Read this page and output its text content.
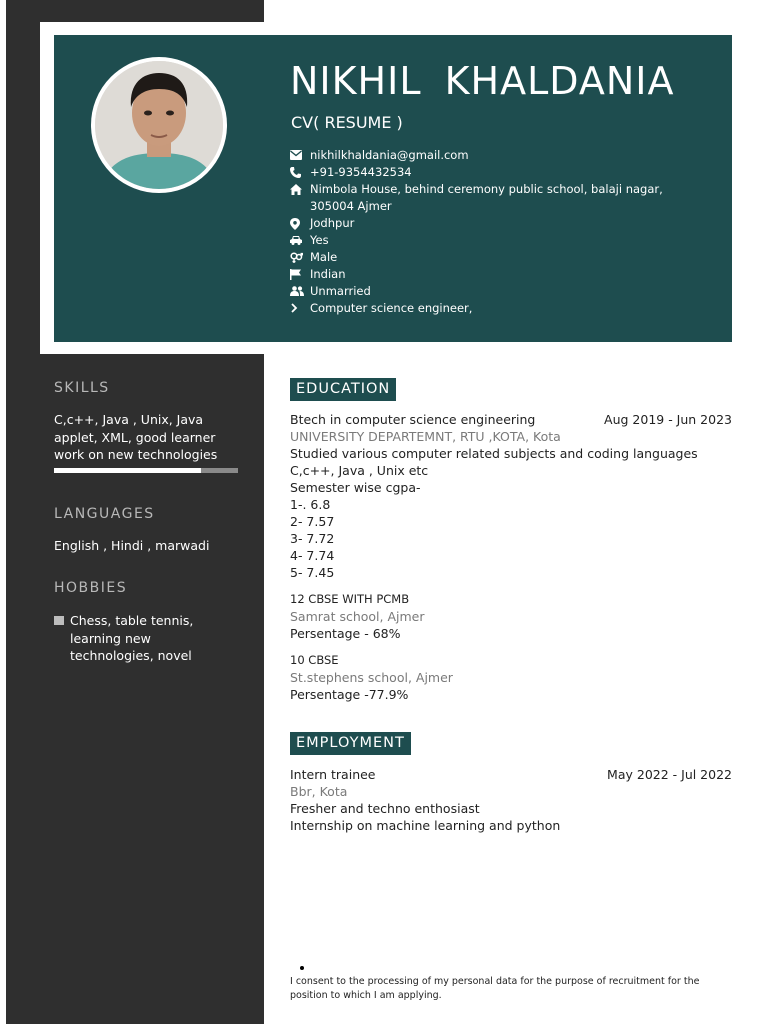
NIKHIL KHALDANIA
CV( RESUME )
nikhilkhaldania@gmail.com
+91-9354432534
Nimbola House, behind ceremony public school, balaji nagar,
305004 Ajmer
Jodhpur
Yes
Male
Indian
Unmarried
Computer science engineer,
SKILLS
C,c++, Java , Unix, Java applet, XML, good learner work on new technologies
LANGUAGES
English , Hindi , marwadi
HOBBIES
Chess, table tennis, learning new technologies, novel
EDUCATION
Btech in computer science engineering	Aug 2019 - Jun 2023
UNIVERSITY DEPARTEMNT, RTU ,KOTA, Kota
Studied various computer related subjects and coding languages
C,c++, Java , Unix etc
Semester wise cgpa-
1-. 6.8
2- 7.57
3- 7.72
4- 7.74
5- 7.45
12 CBSE WITH PCMB
Samrat school, Ajmer
Persentage - 68%
10 CBSE
St.stephens school, Ajmer
Persentage -77.9%
EMPLOYMENT
Intern trainee	May 2022 - Jul 2022
Bbr, Kota
Fresher and techno enthosiast
Internship on machine learning and python
I consent to the processing of my personal data for the purpose of recruitment for the position to which I am applying.
